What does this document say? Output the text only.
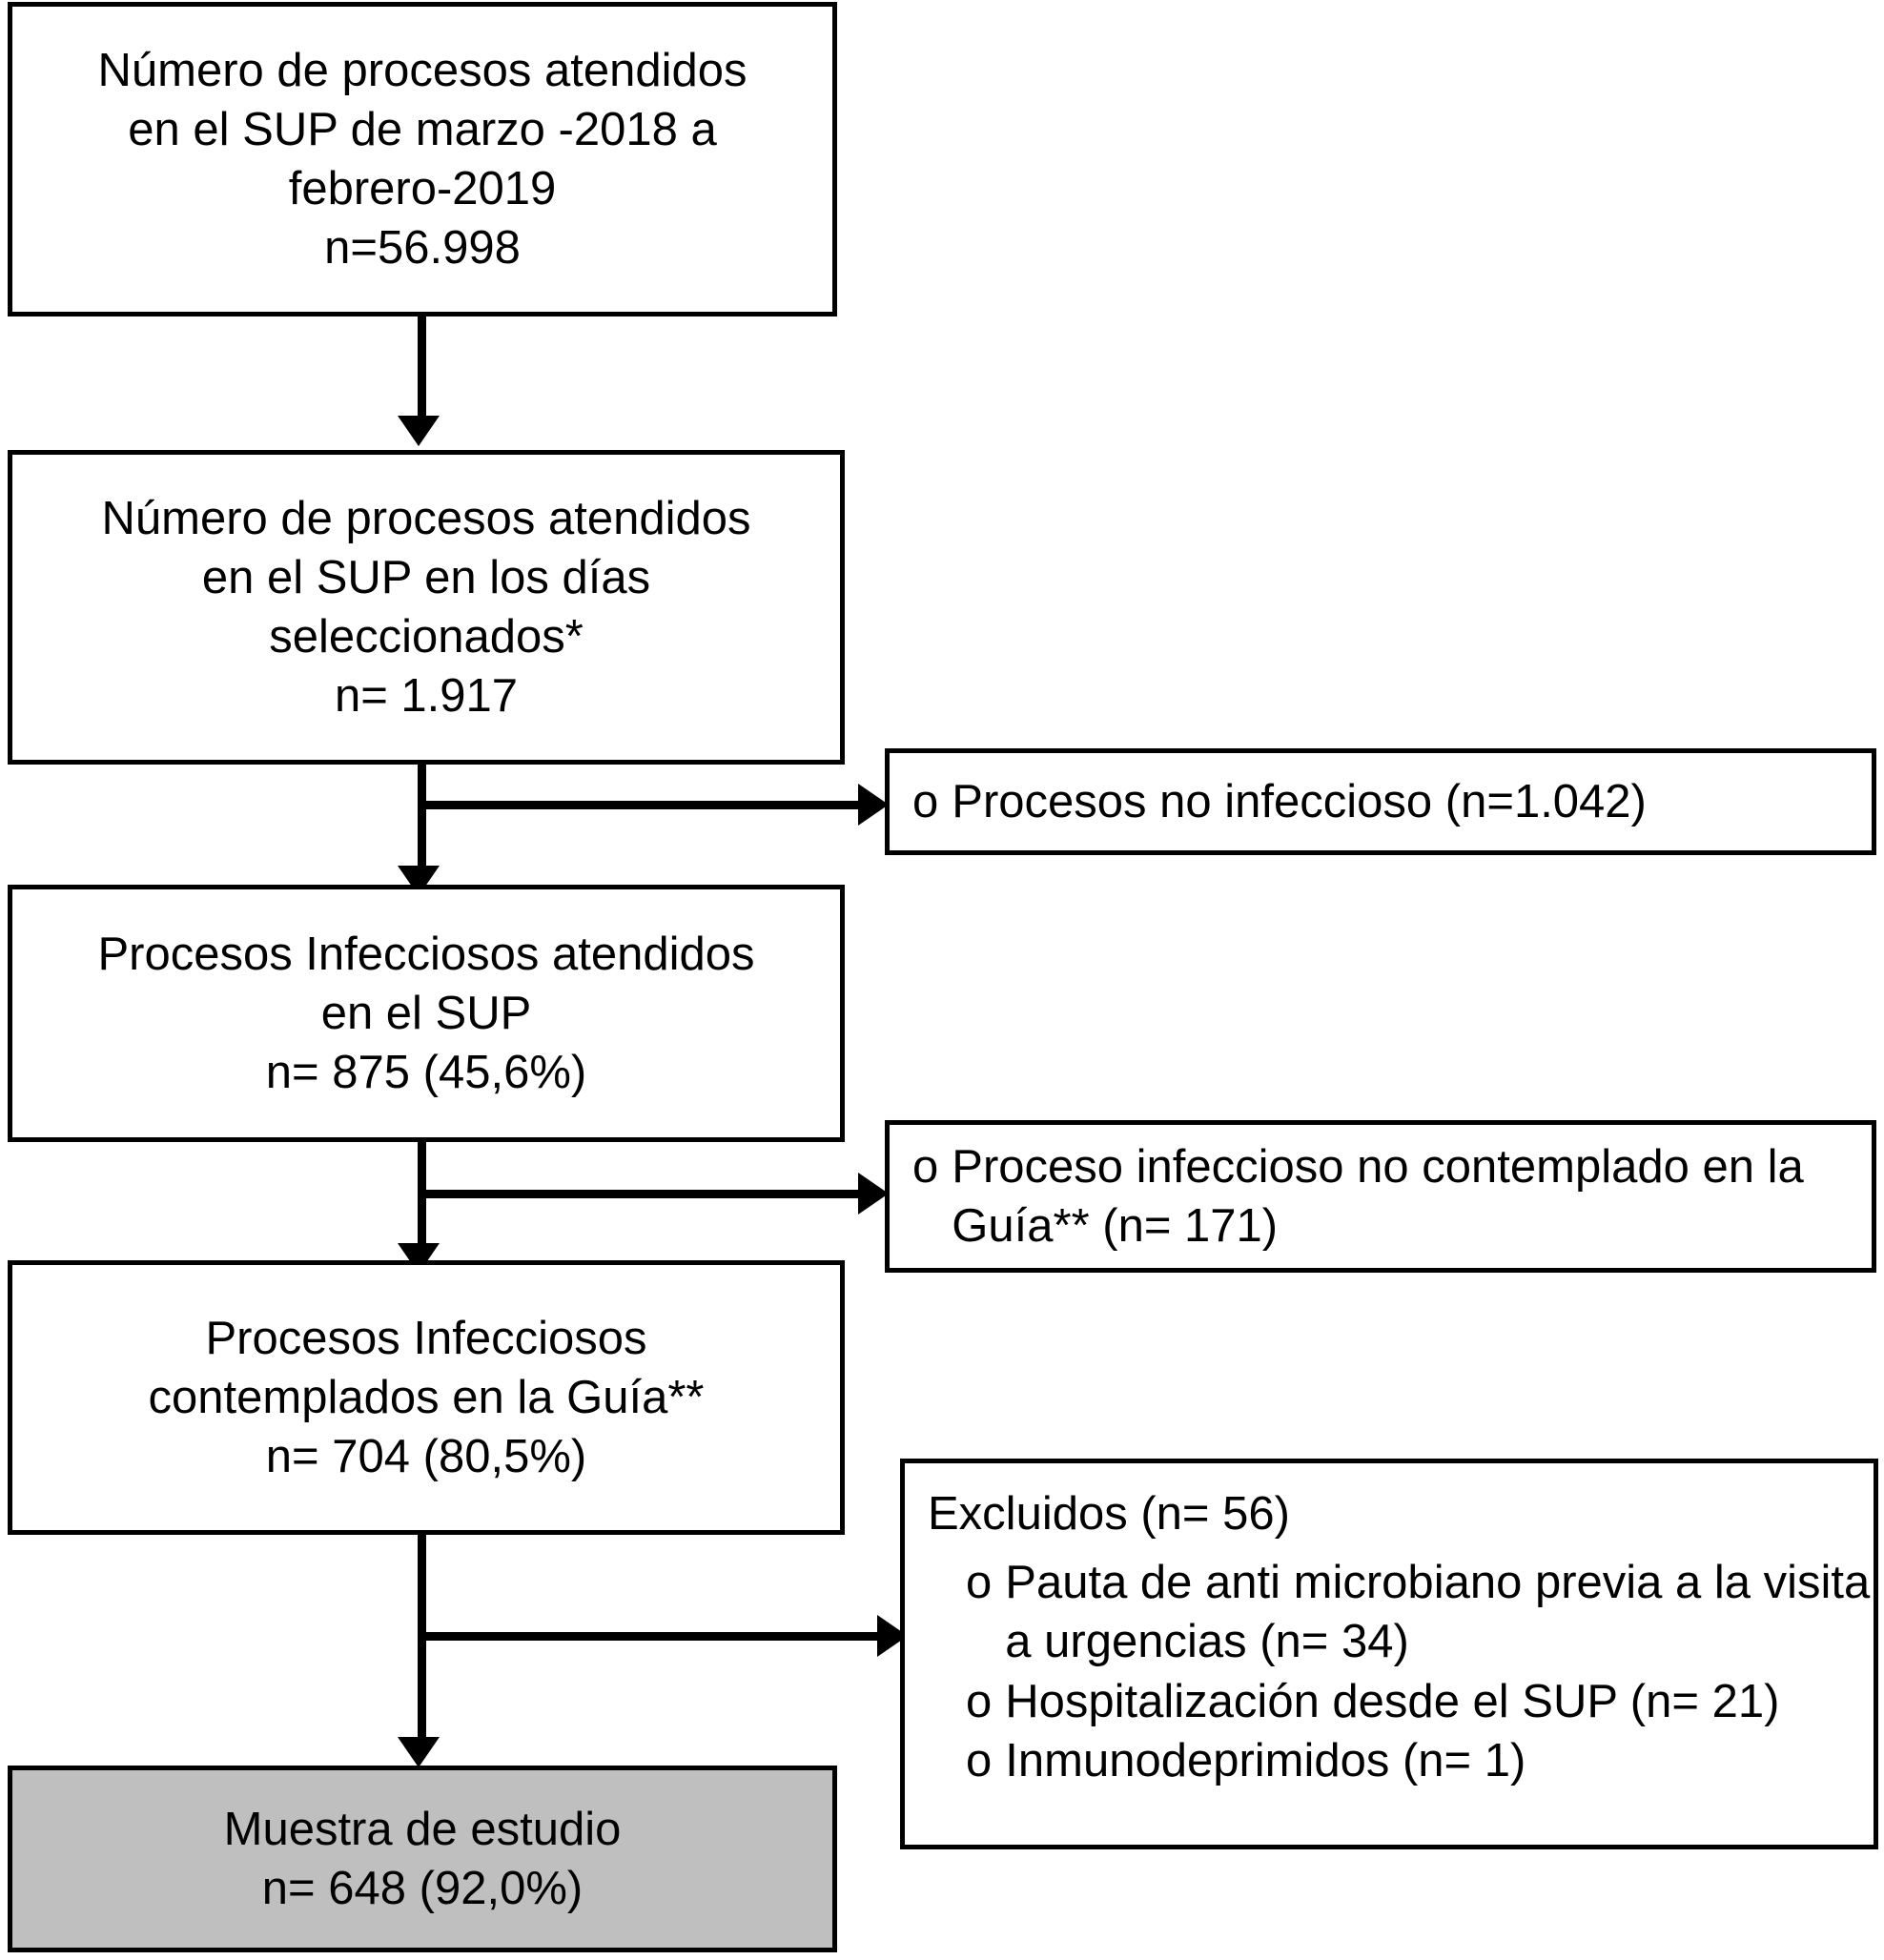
Número de procesos atendidos
en el SUP de marzo -2018 a
febrero-2019
n=56.998
Número de procesos atendidos
en el SUP en los días
seleccionados*
n= 1.917
o Procesos no infeccioso (n=1.042)
Procesos Infecciosos atendidos
en el SUP
n= 875 (45,6%)
o Proceso infeccioso no contemplado en la
Guía** (n= 171)
Procesos Infecciosos
contemplados en la Guía**
n= 704 (80,5%)
Excluidos (n= 56)
o Pauta de anti microbiano previa a la visita
a urgencias (n= 34)
o Hospitalización desde el SUP (n= 21)
o Inmunodeprimidos (n= 1)
Muestra de estudio
n= 648 (92,0%)
